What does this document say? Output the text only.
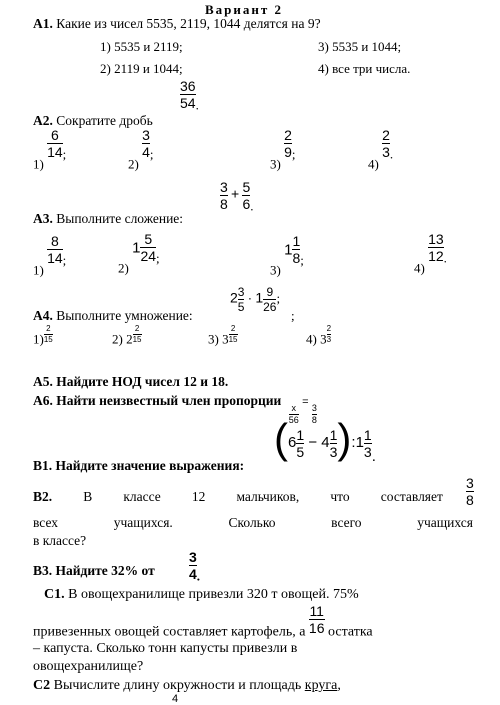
Вариант 2
А1. Какие из чисел 5535, 2119, 1044 делятся на 9?
1) 5535 и 2119;	3) 5535 и 1044;
2) 2119 и 1044;	4) все три числа.
А2. Сократите дробь
$\frac{36}{54}$ .
1)
$\frac{6}{14}$ ;
2)
$\frac{3}{4}$ ;
3)
$\frac{2}{9}$ ;
4)
$\frac{2}{3}$ .
$\frac{3}{8} + \frac{5}{6}$ .
А3. Выполните сложение:
1)
$\frac{8}{14}$ ;
2) $1 \frac{5}{24}$ ;
3) $1 \frac{1}{8}$ ;
4)
$\frac{13}{12}$ .
$2 \frac{3}{5} \cdot 1 \frac{9}{26}$ ;
;
А4. Выполните умножение:
$1) \frac{2}{15}$	2) $2 \frac{2}{15}$	3) $3 \frac{2}{15}$	4) $3 \frac{2}{3}$
А5. Найдите НОД чисел 12 и 18.
А6. Найти неизвестный член пропорции
$\frac{x}{56}$
=
$\frac{3}{8}$
($6 \frac{1}{5} - 4 \frac{1}{3}$ ):1 $\frac{1}{3}$ .
В1. Найдите значение выражения:
В2. В классе 12 мальчиков, что составляет $\frac{3}{8}$
всех	учащихся.	Сколько	всего	учащихся
в классе?
В3. Найдите 32% от $\frac{3}{4}$ .
С1. В овощехранилище привезли 320 т овощей. 75%
привезенных овощей составляет картофель, а $\frac{11}{16}$ остатка
– капуста. Сколько тонн капусты привезли в
овощехранилище?
С2 Вычислите длину окружности и площадь круга,
4
